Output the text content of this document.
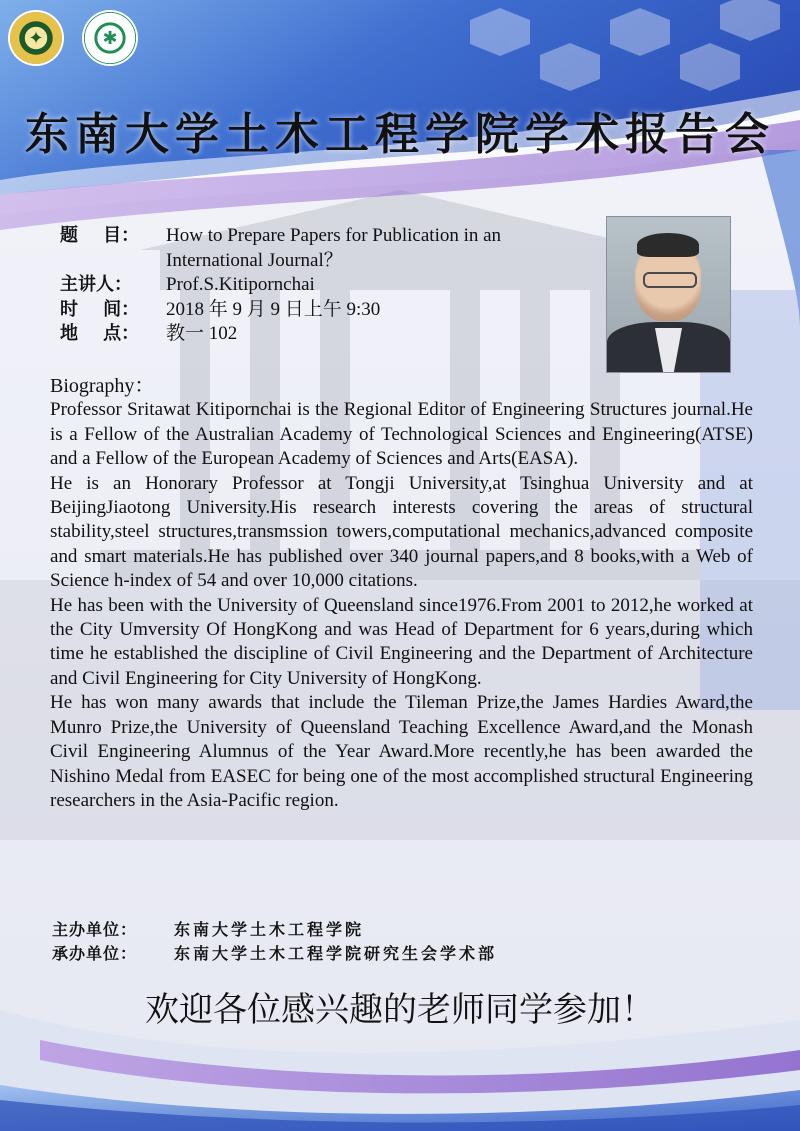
✦	✱
东南大学土木工程学院学术报告会
题    目：	How to Prepare Papers for Publication in an International Journal？
主讲人：	Prof.S.Kitipornchai
时    间：	2018 年 9 月 9 日上午 9:30
地    点：	教一 102

Biography：

Professor Sritawat Kitipornchai is the Regional Editor of Engineering Structures journal.He is a Fellow of the Australian Academy of Technological Sciences and Engineering(ATSE) and a Fellow of the European Academy of Sciences and Arts(EASA).

He is an Honorary Professor at Tongji University,at Tsinghua University and at BeijingJiaotong University.His research interests covering the areas of structural stability,steel structures,transmssion towers,computational mechanics,advanced composite and smart materials.He has published over 340 journal papers,and 8 books,with a Web of Science h-index of 54 and over 10,000 citations.

He has been with the University of Queensland since1976.From 2001 to 2012,he worked at the City Umversity Of HongKong and was Head of Department for 6 years,during which time he established the discipline of Civil Engineering and the Department of Architecture and Civil Engineering for City University of HongKong.

He has won many awards that include the Tileman Prize,the James Hardies Award,the Munro Prize,the University of Queensland Teaching Excellence Award,and the Monash Civil Engineering Alumnus of the Year Award.More recently,he has been awarded the Nishino Medal from EASEC for being one of the most accomplished structural Engineering researchers in the Asia-Pacific region.

主办单位：	东南大学土木工程学院
承办单位：	东南大学土木工程学院研究生会学术部
欢迎各位感兴趣的老师同学参加！
